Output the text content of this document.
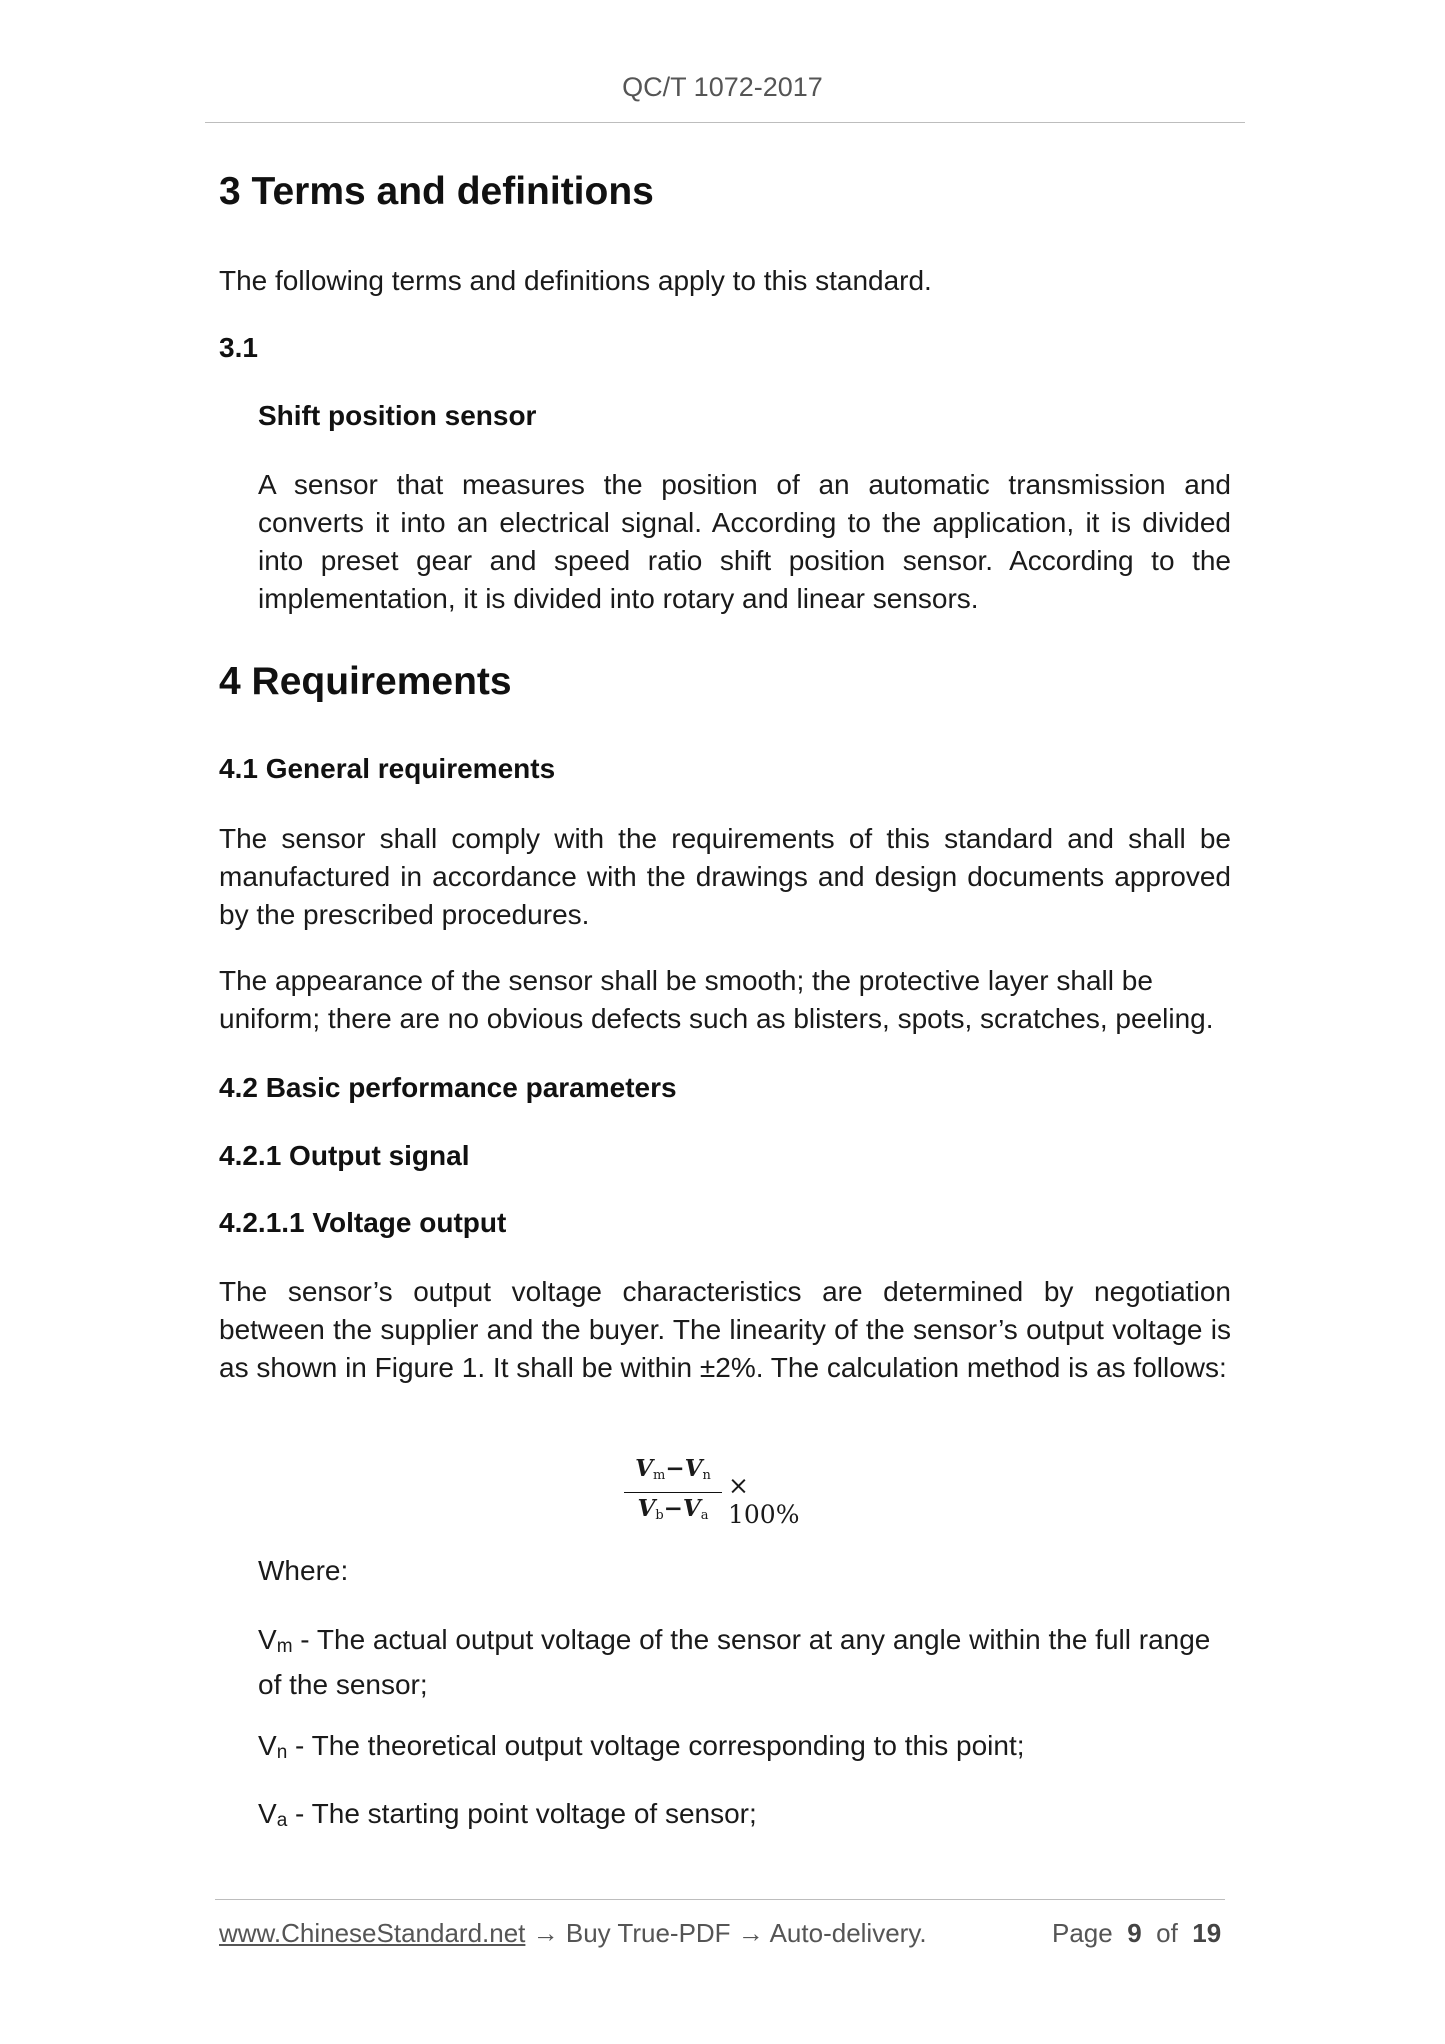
QC/T 1072-2017
3 Terms and definitions

The following terms and definitions apply to this standard.

3.1

Shift position sensor

A sensor that measures the position of an automatic transmission and converts it into an electrical signal. According to the application, it is divided into preset gear and speed ratio shift position sensor. According to the implementation, it is divided into rotary and linear sensors.

4 Requirements

4.1 General requirements

The sensor shall comply with the requirements of this standard and shall be manufactured in accordance with the drawings and design documents approved by the prescribed procedures.

The appearance of the sensor shall be smooth; the protective layer shall be uniform; there are no obvious defects such as blisters, spots, scratches, peeling.

4.2 Basic performance parameters

4.2.1 Output signal

4.2.1.1 Voltage output

The sensor’s output voltage characteristics are determined by negotiation between the supplier and the buyer. The linearity of the sensor’s output voltage is as shown in Figure 1. It shall be within ±2%. The calculation method is as follows:

Vm−Vn
Vb−Va
× 100%

Where:

Vm - The actual output voltage of the sensor at any angle within the full range of the sensor;

Vn - The theoretical output voltage corresponding to this point;

Va - The starting point voltage of sensor;

www.ChineseStandard.net → Buy True-PDF → Auto-delivery.	Page 9 of 19
